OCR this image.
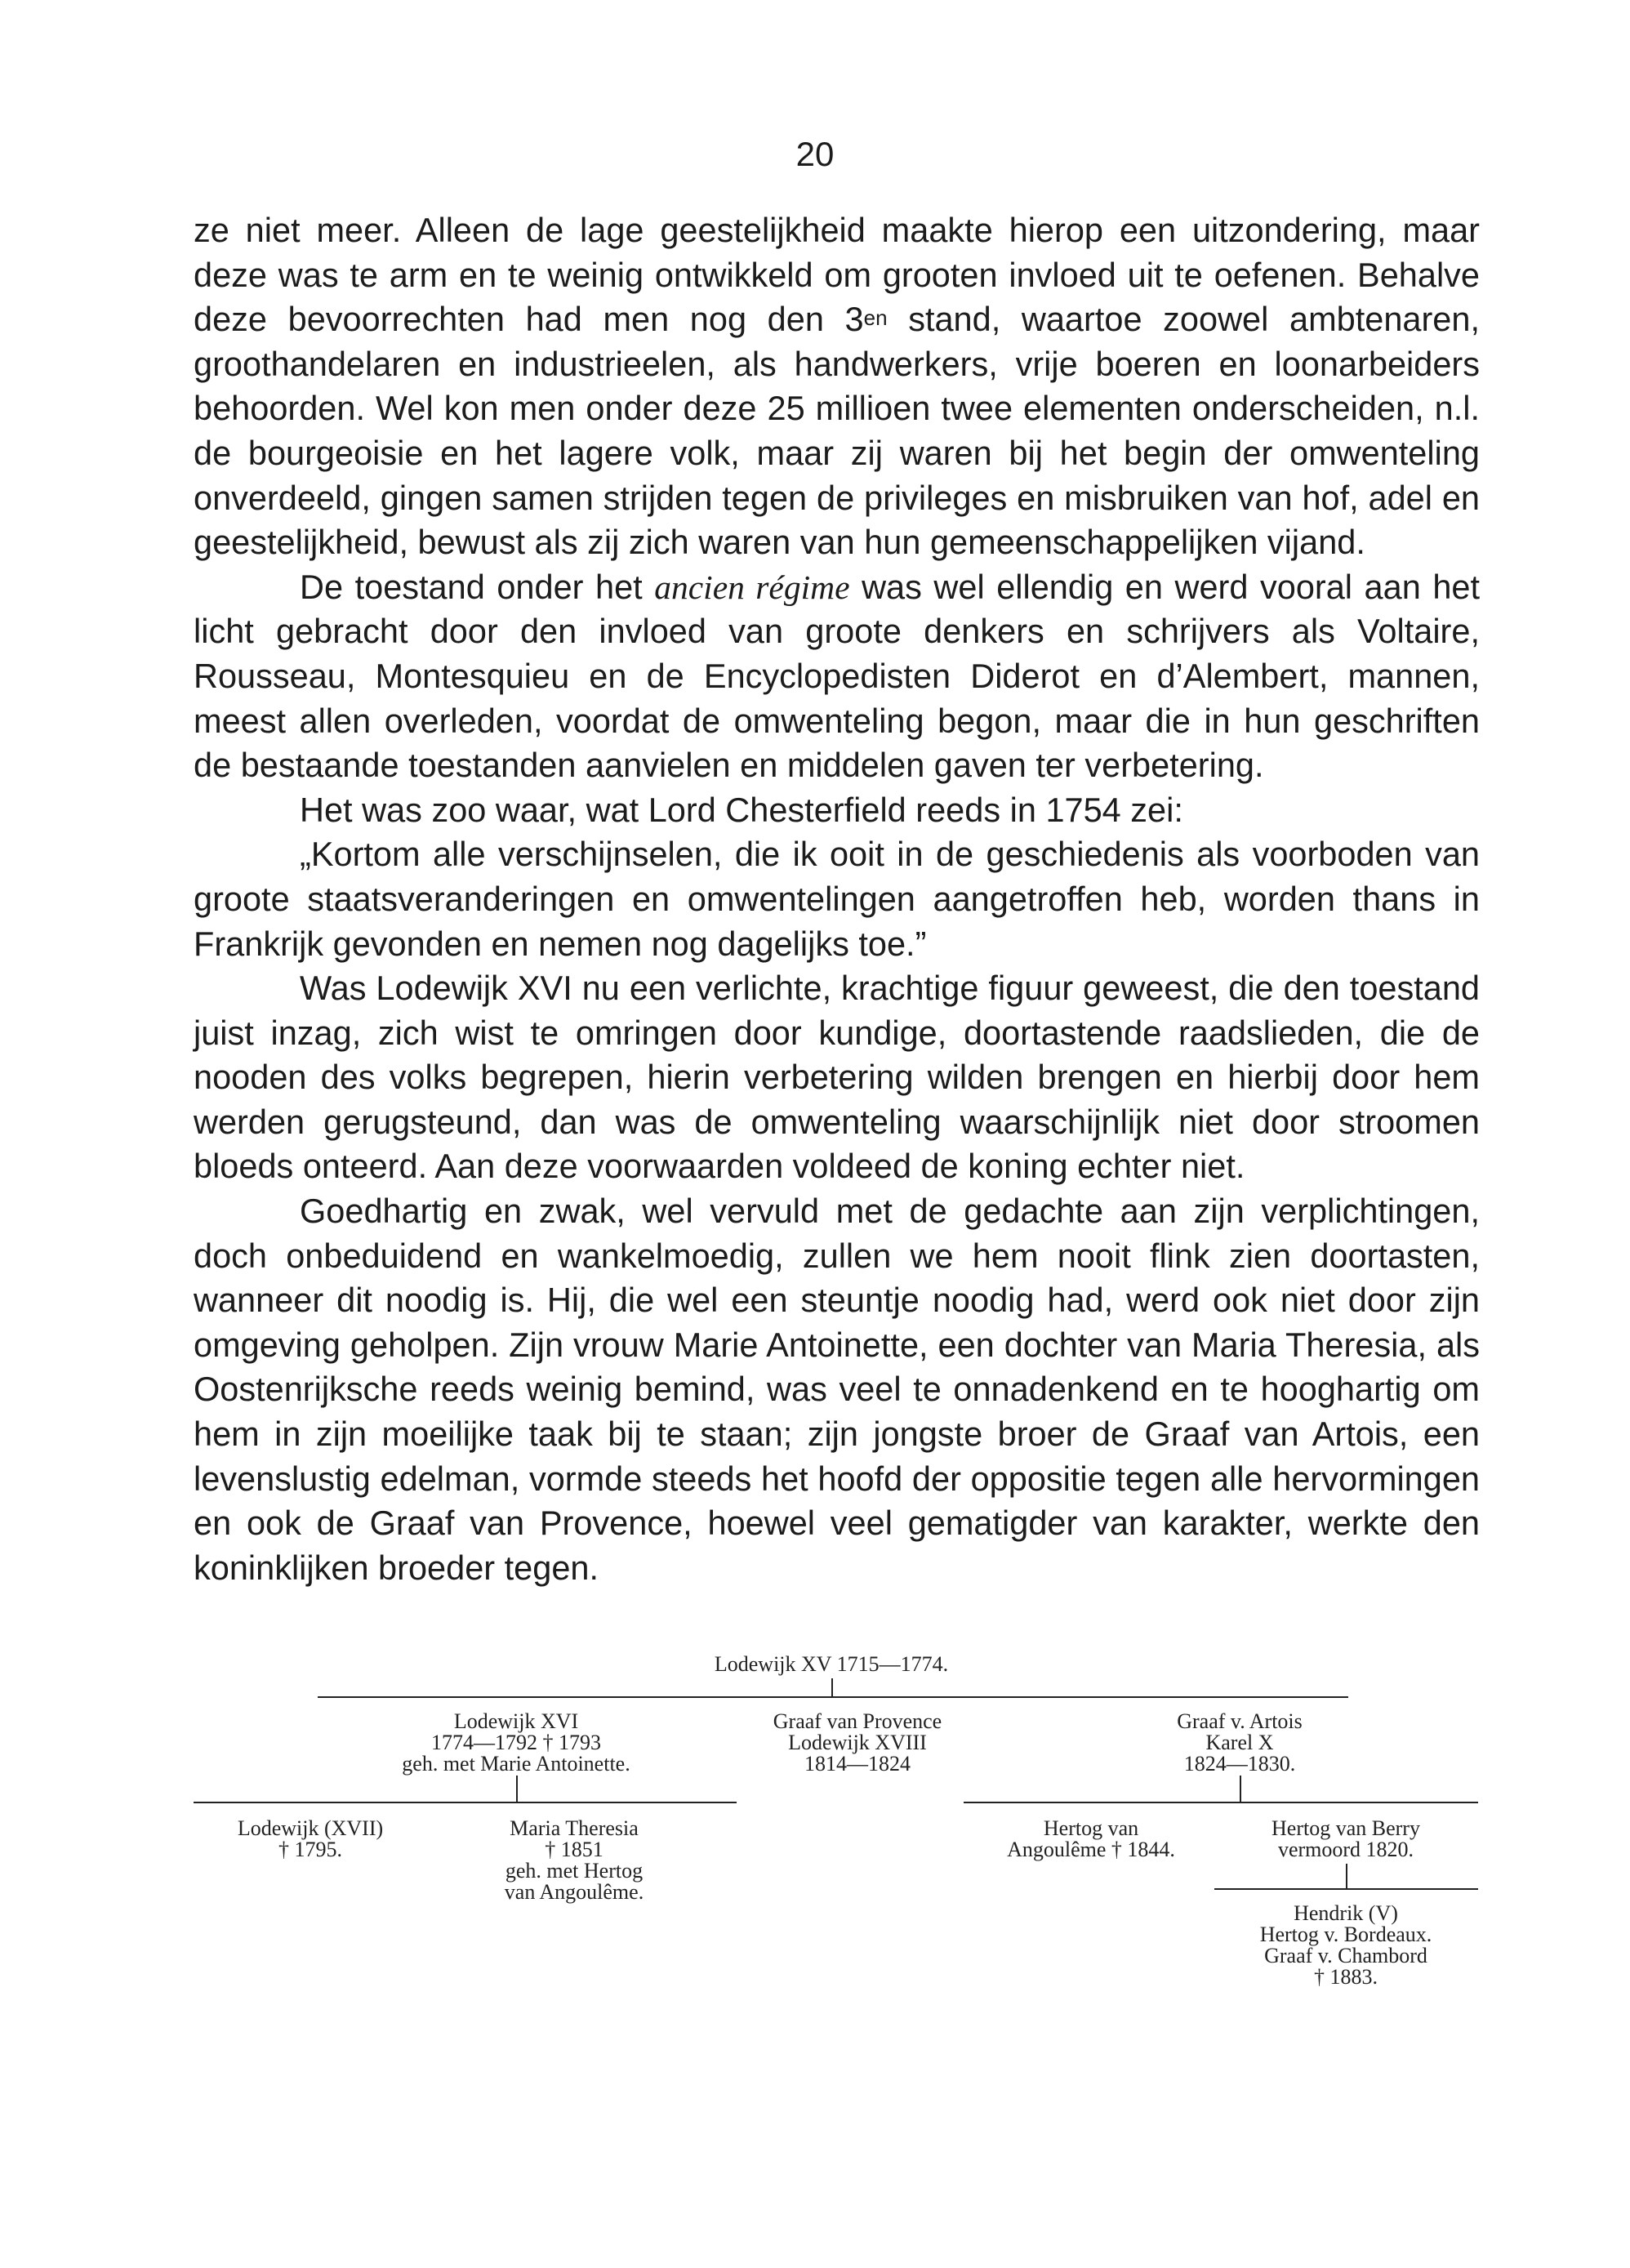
20

ze niet meer. Alleen de lage geestelijkheid maakte hierop een uitzondering, maar deze was te arm en te weinig ontwikkeld om grooten invloed uit te oefenen. Behalve deze bevoorrechten had men nog den $3^{en}$ stand, waartoe zoowel ambtenaren, groothandelaren en industrieelen, als handwerkers, vrije boeren en loonarbeiders behoorden. Wel kon men onder deze 25 millioen twee elementen onderscheiden, n.l. de bourgeoisie en het lagere volk, maar zij waren bij het begin der omwenteling onverdeeld, gingen samen strijden tegen de privileges en misbruiken van hof, adel en geestelijkheid, bewust als zij zich waren van hun gemeenschappelijken vijand.

De toestand onder het ancien régime was wel ellendig en werd vooral aan het licht gebracht door den invloed van groote denkers en schrijvers als Voltaire, Rousseau, Montesquieu en de Encyclopedisten Diderot en d’Alembert, mannen, meest allen overleden, voordat de omwenteling begon, maar die in hun geschriften de bestaande toestanden aanvielen en middelen gaven ter verbetering.

Het was zoo waar, wat Lord Chesterfield reeds in 1754 zei:

„Kortom alle verschijnselen, die ik ooit in de geschiedenis als voorboden van groote staatsveranderingen en omwentelingen aangetroffen heb, worden thans in Frankrijk gevonden en nemen nog dagelijks toe.”

Was Lodewijk XVI nu een verlichte, krachtige figuur geweest, die den toestand juist inzag, zich wist te omringen door kundige, doortastende raadslieden, die de nooden des volks begrepen, hierin verbetering wilden brengen en hierbij door hem werden gerugsteund, dan was de omwenteling waarschijnlijk niet door stroomen bloeds onteerd. Aan deze voorwaarden voldeed de koning echter niet.

Goedhartig en zwak, wel vervuld met de gedachte aan zijn verplichtingen, doch onbeduidend en wankelmoedig, zullen we hem nooit flink zien doortasten, wanneer dit noodig is. Hij, die wel een steuntje noodig had, werd ook niet door zijn omgeving geholpen. Zijn vrouw Marie Antoinette, een dochter van Maria Theresia, als Oostenrijksche reeds weinig bemind, was veel te onnadenkend en te hooghartig om hem in zijn moeilijke taak bij te staan; zijn jongste broer de Graaf van Artois, een levenslustig edelman, vormde steeds het hoofd der oppositie tegen alle hervormingen en ook de Graaf van Provence, hoewel veel gematigder van karakter, werkte den koninklijken broeder tegen.

Lodewijk XV 1715—1774.
Lodewijk XVI
1774—1792 † 1793
geh. met Marie Antoinette.
Graaf van Provence
Lodewijk XVIII
1814—1824
Graaf v. Artois
Karel X
1824—1830.
Lodewijk (XVII)
† 1795.
Maria Theresia
† 1851
geh. met Hertog
van Angoulême.
Hertog van
Angoulême † 1844.
Hertog van Berry
vermoord 1820.
Hendrik (V)
Hertog v. Bordeaux.
Graaf v. Chambord
† 1883.
